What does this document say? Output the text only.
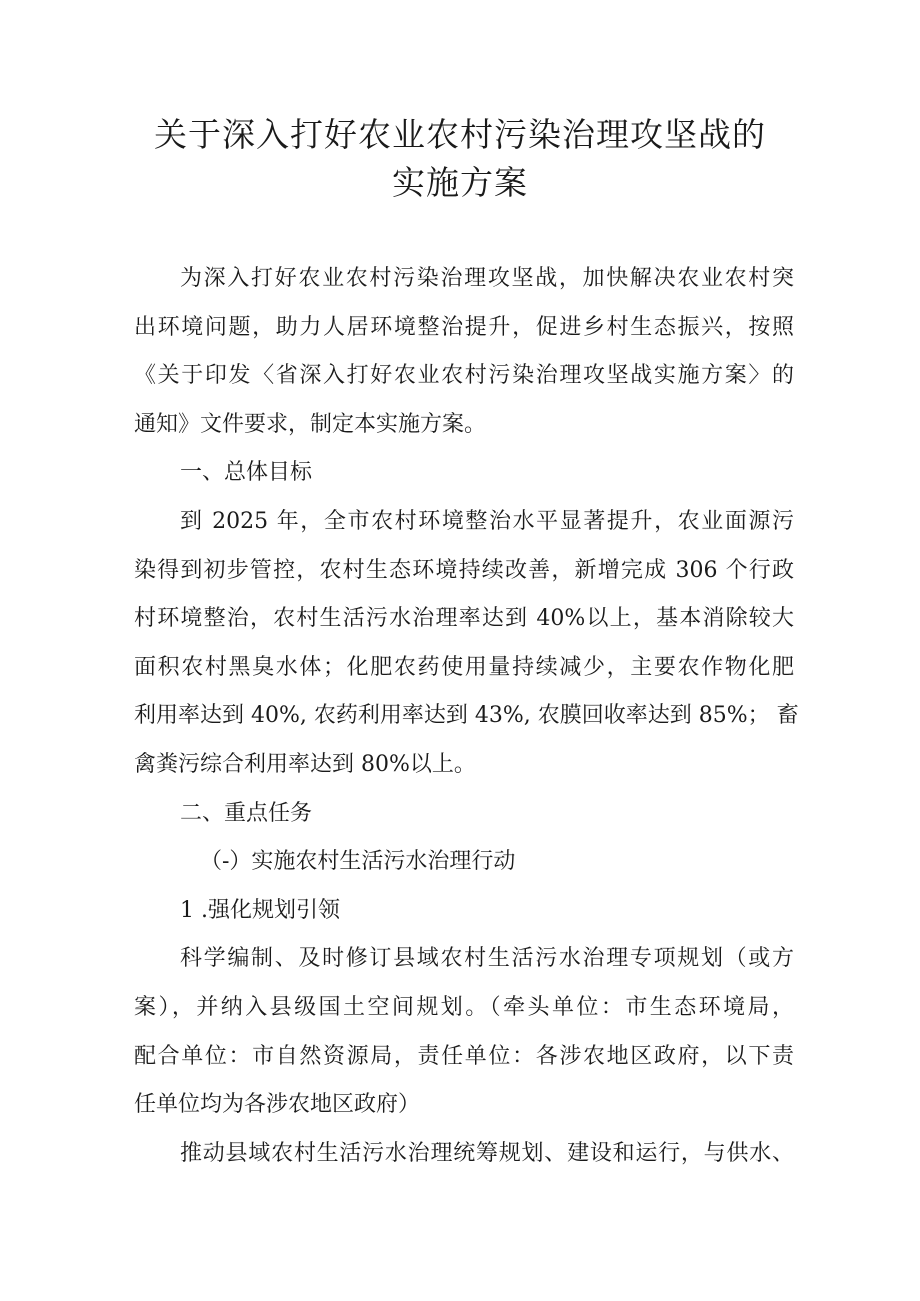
关于深入打好农业农村污染治理攻坚战的
实施方案
为深入打好农业农村污染治理攻坚战，加快解决农业农村突
出环境问题，助力人居环境整治提升，促进乡村生态振兴，按照
《关于印发〈省深入打好农业农村污染治理攻坚战实施方案〉的
通知》文件要求，制定本实施方案。
一、总体目标
到 2025 年，全市农村环境整治水平显著提升，农业面源污
染得到初步管控，农村生态环境持续改善，新增完成 306 个行政
村环境整治，农村生活污水治理率达到 40%以上，基本消除较大
面积农村黑臭水体；化肥农药使用量持续减少，主要农作物化肥
利用率达到 40%, 农药利用率达到 43%, 农膜回收率达到 85%； 畜
禽粪污综合利用率达到 80%以上。
二、重点任务
（-）实施农村生活污水治理行动
1 .强化规划引领
科学编制、及时修订县域农村生活污水治理专项规划（或方
案），并纳入县级国土空间规划。（牵头单位：市生态环境局，
配合单位：市自然资源局，责任单位：各涉农地区政府，以下责
任单位均为各涉农地区政府）
推动县域农村生活污水治理统筹规划、建设和运行，与供水、
